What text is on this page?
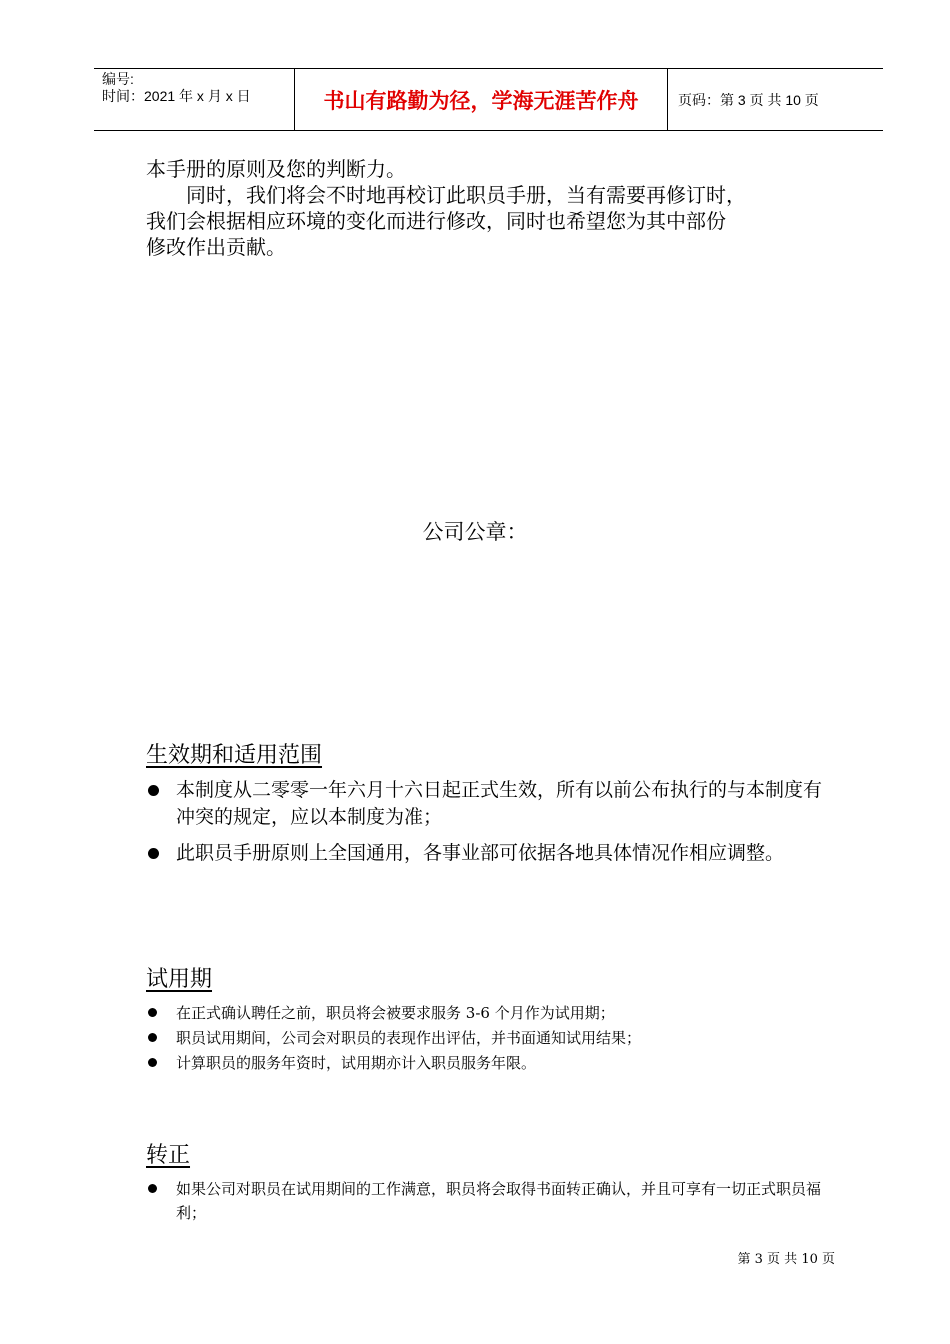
编号:
时间：2021 年 x 月 x 日	书山有路勤为径，学海无涯苦作舟	页码：第 3 页 共 10 页
本手册的原则及您的判断力。
　　同时，我们将会不时地再校订此职员手册，当有需要再修订时，
我们会根据相应环境的变化而进行修改，同时也希望您为其中部份
修改作出贡献。
公司公章：
生效期和适用范围
本制度从二零零一年六月十六日起正式生效，所有以前公布执行的与本制度有冲突的规定，应以本制度为准；
此职员手册原则上全国通用，各事业部可依据各地具体情况作相应调整。
试用期
在正式确认聘任之前，职员将会被要求服务 3-6 个月作为试用期；
职员试用期间，公司会对职员的表现作出评估，并书面通知试用结果；
计算职员的服务年资时，试用期亦计入职员服务年限。
转正
如果公司对职员在试用期间的工作满意，职员将会取得书面转正确认，并且可享有一切正式职员福利；
第 3 页 共 10 页
